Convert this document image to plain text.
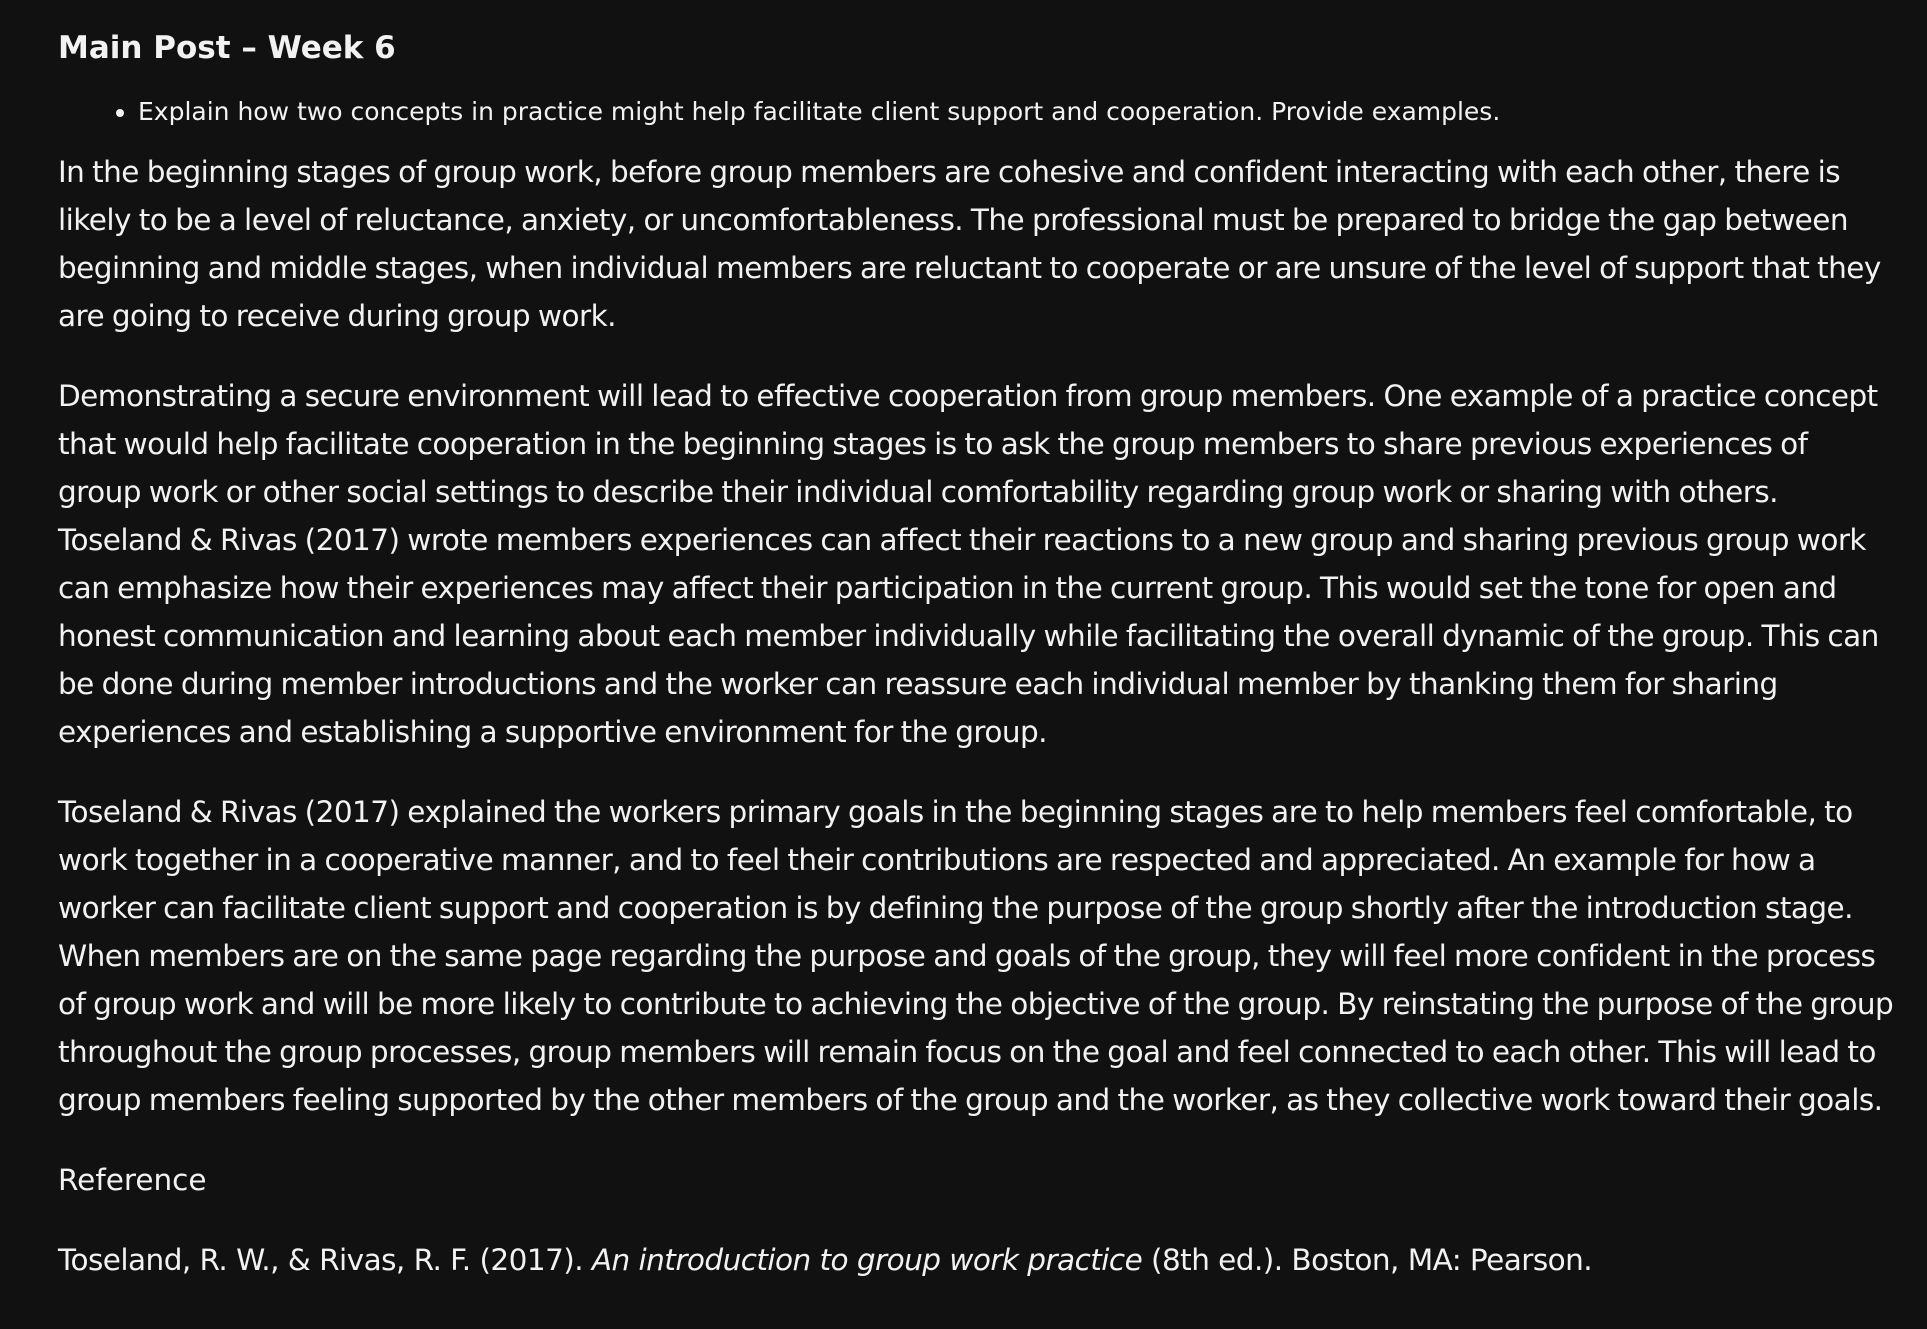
Main Post – Week 6
• Explain how two concepts in practice might help facilitate client support and cooperation. Provide examples.

In the beginning stages of group work, before group members are cohesive and confident interacting with each other, there is likely to be a level of reluctance, anxiety, or uncomfortableness. The professional must be prepared to bridge the gap between beginning and middle stages, when individual members are reluctant to cooperate or are unsure of the level of support that they are going to receive during group work.

Demonstrating a secure environment will lead to effective cooperation from group members. One example of a practice concept that would help facilitate cooperation in the beginning stages is to ask the group members to share previous experiences of group work or other social settings to describe their individual comfortability regarding group work or sharing with others. Toseland & Rivas (2017) wrote members experiences can affect their reactions to a new group and sharing previous group work can emphasize how their experiences may affect their participation in the current group. This would set the tone for open and honest communication and learning about each member individually while facilitating the overall dynamic of the group. This can be done during member introductions and the worker can reassure each individual member by thanking them for sharing experiences and establishing a supportive environment for the group.

Toseland & Rivas (2017) explained the workers primary goals in the beginning stages are to help members feel comfortable, to work together in a cooperative manner, and to feel their contributions are respected and appreciated. An example for how a worker can facilitate client support and cooperation is by defining the purpose of the group shortly after the introduction stage. When members are on the same page regarding the purpose and goals of the group, they will feel more confident in the process of group work and will be more likely to contribute to achieving the objective of the group. By reinstating the purpose of the group throughout the group processes, group members will remain focus on the goal and feel connected to each other. This will lead to group members feeling supported by the other members of the group and the worker, as they collective work toward their goals.

Reference

Toseland, R. W., & Rivas, R. F. (2017). An introduction to group work practice (8th ed.). Boston, MA: Pearson.
